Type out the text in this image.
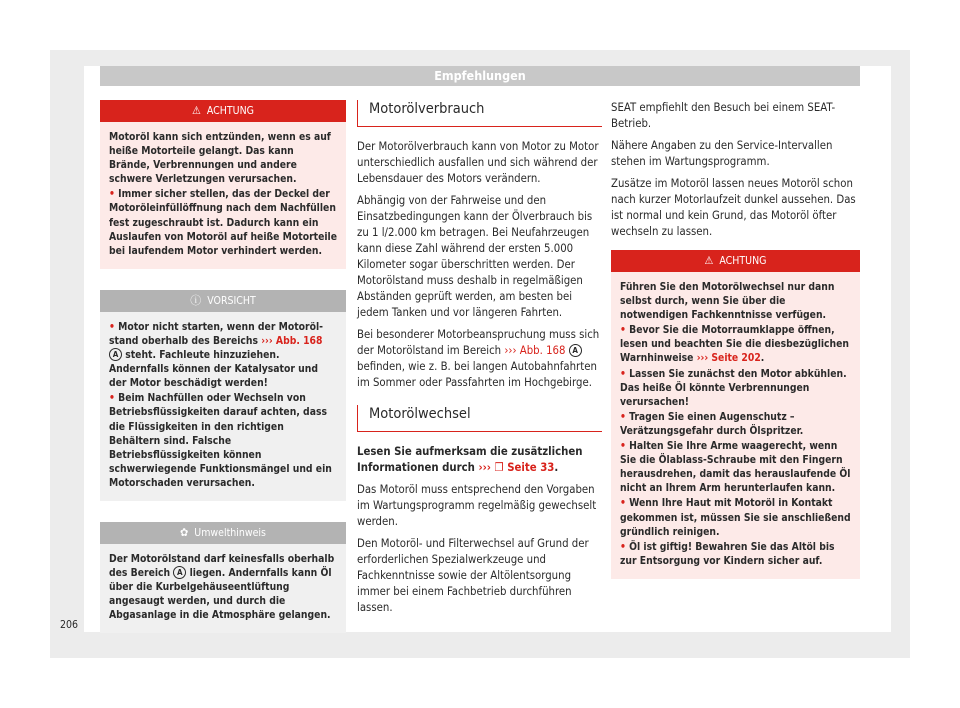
Empfehlungen
⚠ ACHTUNG

Motoröl kann sich entzünden, wenn es auf heiße Motorteile gelangt. Das kann Brände, Verbrennungen und andere schwere Verletzungen verursachen.

• Immer sicher stellen, das der Deckel der Motoröleinfüllöffnung nach dem Nachfüllen fest zugeschraubt ist. Dadurch kann ein Auslaufen von Motoröl auf heiße Motorteile bei laufendem Motor verhindert werden.

ⓘ VORSICHT

• Motor nicht starten, wenn der Motorölstand oberhalb des Bereichs ››› Abb. 168 A steht. Fachleute hinzuziehen. Andernfalls können der Katalysator und der Motor beschädigt werden!

• Beim Nachfüllen oder Wechseln von Betriebsflüssigkeiten darauf achten, dass die Flüssigkeiten in den richtigen Behältern sind. Falsche Betriebsflüssigkeiten können schwerwiegende Funktionsmängel und ein Motorschaden verursachen.

✿ Umwelthinweis

Der Motorölstand darf keinesfalls oberhalb des Bereich A liegen. Andernfalls kann Öl über die Kurbelgehäuseentlüftung angesaugt werden, und durch die Abgasanlage in die Atmosphäre gelangen.

Motorölverbrauch

Der Motorölverbrauch kann von Motor zu Motor unterschiedlich ausfallen und sich während der Lebensdauer des Motors verändern.

Abhängig von der Fahrweise und den Einsatzbedingungen kann der Ölverbrauch bis zu 1 l/2.000 km betragen. Bei Neufahrzeugen kann diese Zahl während der ersten 5.000 Kilometer sogar überschritten werden. Der Motorölstand muss deshalb in regelmäßigen Abständen geprüft werden, am besten bei jedem Tanken und vor längeren Fahrten.

Bei besonderer Motorbeanspruchung muss sich der Motorölstand im Bereich ››› Abb. 168 A befinden, wie z. B. bei langen Autobahnfahrten im Sommer oder Passfahrten im Hochgebirge.

Motorölwechsel

Lesen Sie aufmerksam die zusätzlichen Informationen durch ››› ❐ Seite 33.

Das Motoröl muss entsprechend den Vorgaben im Wartungsprogramm regelmäßig gewechselt werden.

Den Motoröl- und Filterwechsel auf Grund der erforderlichen Spezialwerkzeuge und Fachkenntnisse sowie der Altölentsorgung immer bei einem Fachbetrieb durchführen lassen.

SEAT empfiehlt den Besuch bei einem SEAT-Betrieb.

Nähere Angaben zu den Service-Intervallen stehen im Wartungsprogramm.

Zusätze im Motoröl lassen neues Motoröl schon nach kurzer Motorlaufzeit dunkel aussehen. Das ist normal und kein Grund, das Motoröl öfter wechseln zu lassen.

⚠ ACHTUNG

Führen Sie den Motorölwechsel nur dann selbst durch, wenn Sie über die notwendigen Fachkenntnisse verfügen.

• Bevor Sie die Motorraumklappe öffnen, lesen und beachten Sie die diesbezüglichen Warnhinweise ››› Seite 202.

• Lassen Sie zunächst den Motor abkühlen. Das heiße Öl könnte Verbrennungen verursachen!

• Tragen Sie einen Augenschutz – Verätzungsgefahr durch Ölspritzer.

• Halten Sie Ihre Arme waagerecht, wenn Sie die Ölablass-Schraube mit den Fingern herausdrehen, damit das herauslaufende Öl nicht an Ihrem Arm herunterlaufen kann.

• Wenn Ihre Haut mit Motoröl in Kontakt gekommen ist, müssen Sie sie anschließend gründlich reinigen.

• Öl ist giftig! Bewahren Sie das Altöl bis zur Entsorgung vor Kindern sicher auf.

206
